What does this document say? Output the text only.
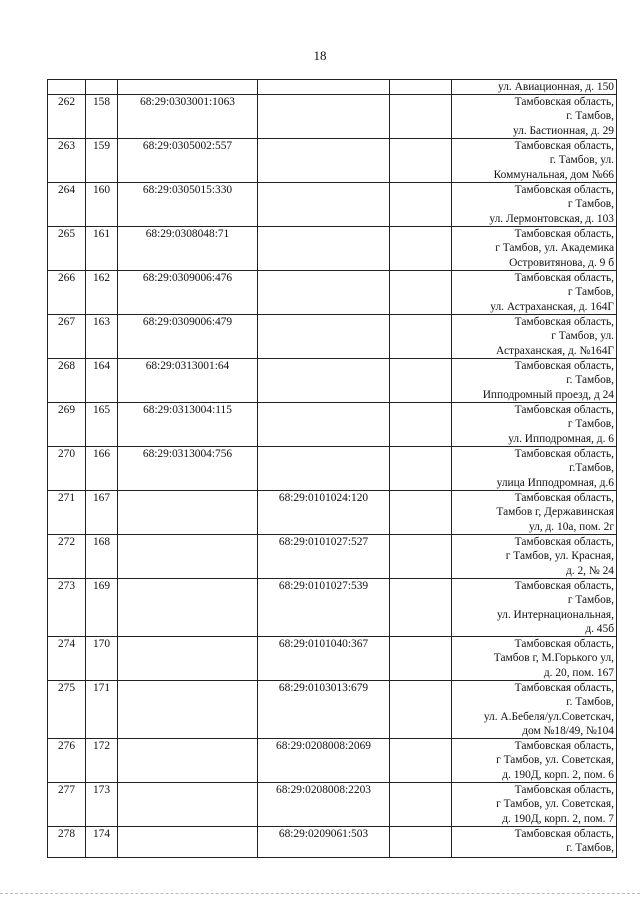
18

					ул. Авиационная, д. 150

262	158	68:29:0303001:1063			Тамбовская область,
г. Тамбов,
ул. Бастионная, д. 29

263	159	68:29:0305002:557			Тамбовская область,
г. Тамбов, ул.
Коммунальная, дом №66

264	160	68:29:0305015:330			Тамбовская область,
г Тамбов,
ул. Лермонтовская, д. 103

265	161	68:29:0308048:71			Тамбовская область,
г Тамбов, ул. Академика
Островитянова, д. 9 б

266	162	68:29:0309006:476			Тамбовская область,
г Тамбов,
ул. Астраханская, д. 164Г

267	163	68:29:0309006:479			Тамбовская область,
г Тамбов, ул.
Астраханская, д. №164Г

268	164	68:29:0313001:64			Тамбовская область,
г. Тамбов,
Ипподромный проезд, д 24

269	165	68:29:0313004:115			Тамбовская область,
г Тамбов,
ул. Ипподромная, д. 6

270	166	68:29:0313004:756			Тамбовская область,
г.Тамбов,
улица Ипподромная, д.6

271	167		68:29:0101024:120		Тамбовская область,
Тамбов г, Державинская
ул, д. 10а, пом. 2г

272	168		68:29:0101027:527		Тамбовская область,
г Тамбов, ул. Красная,
д. 2, № 24

273	169		68:29:0101027:539		Тамбовская область,
г Тамбов,
ул. Интернациональная,
д. 45б

274	170		68:29:0101040:367		Тамбовская область,
Тамбов г, М.Горького ул,
д. 20, пом. 167

275	171		68:29:0103013:679		Тамбовская область,
г. Тамбов,
ул. А.Бебеля/ул.Советскач,
дом №18/49, №104

276	172		68:29:0208008:2069		Тамбовская область,
г Тамбов, ул. Советская,
д. 190Д, корп. 2, пом. 6

277	173		68:29:0208008:2203		Тамбовская область,
г Тамбов, ул. Советская,
д. 190Д, корп. 2, пом. 7

278	174		68:29:0209061:503		Тамбовская область,
г. Тамбов,
